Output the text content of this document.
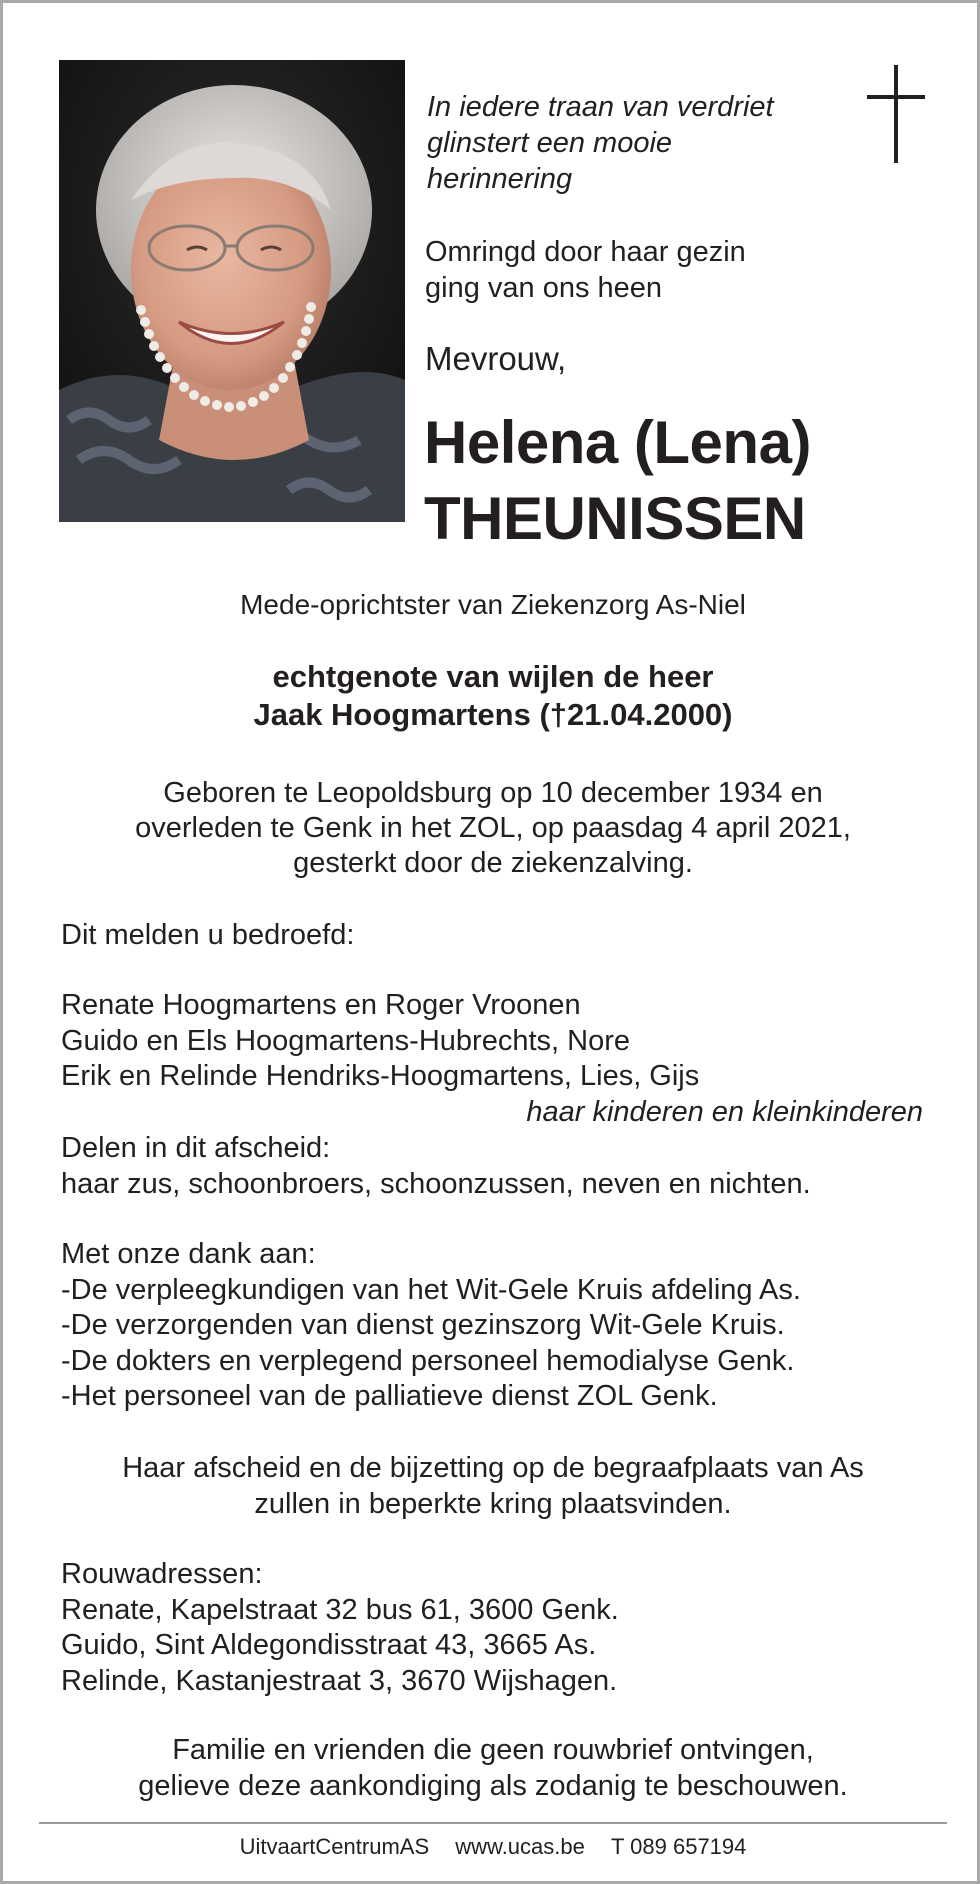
In iedere traan van verdriet
glinstert een mooie
herinnering
Omringd door haar gezin
ging van ons heen
Mevrouw,
Helena (Lena)
THEUNISSEN
Mede-oprichtster van Ziekenzorg As-Niel
echtgenote van wijlen de heer
Jaak Hoogmartens (†21.04.2000)
Geboren te Leopoldsburg op 10 december 1934 en
overleden te Genk in het ZOL, op paasdag 4 april 2021,
gesterkt door de ziekenzalving.
Dit melden u bedroefd:
Renate Hoogmartens en Roger Vroonen
Guido en Els Hoogmartens-Hubrechts, Nore
Erik en Relinde Hendriks-Hoogmartens, Lies, Gijs
haar kinderen en kleinkinderen
Delen in dit afscheid:
haar zus, schoonbroers, schoonzussen, neven en nichten.
Met onze dank aan:
-De verpleegkundigen van het Wit-Gele Kruis afdeling As.
-De verzorgenden van dienst gezinszorg Wit-Gele Kruis.
-De dokters en verplegend personeel hemodialyse Genk.
-Het personeel van de palliatieve dienst ZOL Genk.
Haar afscheid en de bijzetting op de begraafplaats van As
zullen in beperkte kring plaatsvinden.
Rouwadressen:
Renate, Kapelstraat 32 bus 61, 3600 Genk.
Guido, Sint Aldegondisstraat 43, 3665 As.
Relinde, Kastanjestraat 3, 3670 Wijshagen.
Familie en vrienden die geen rouwbrief ontvingen,
gelieve deze aankondiging als zodanig te beschouwen.
UitvaartCentrumAS www.ucas.be T 089 657194
